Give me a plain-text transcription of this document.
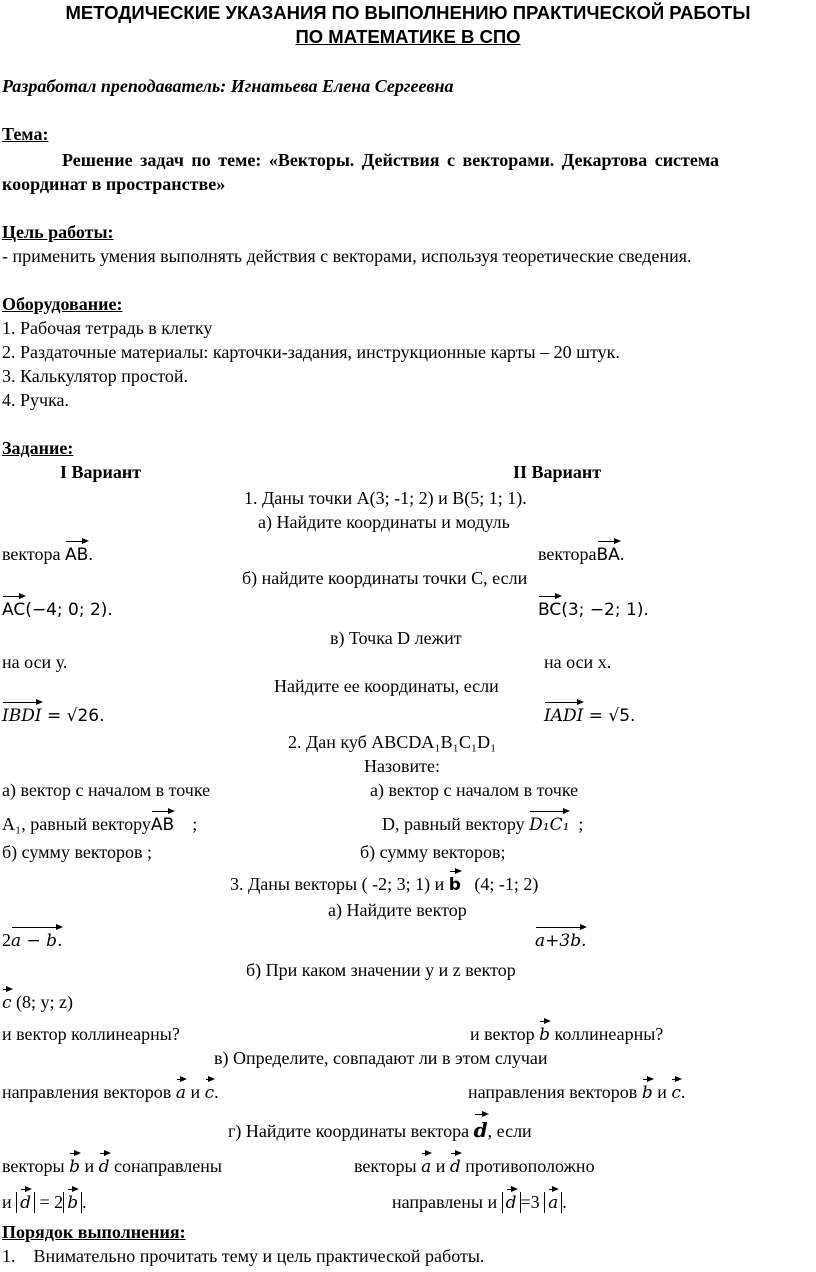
МЕТОДИЧЕСКИЕ УКАЗАНИЯ ПО ВЫПОЛНЕНИЮ ПРАКТИЧЕСКОЙ РАБОТЫ
ПО МАТЕМАТИКЕ В СПО
Разработал преподаватель: Игнатьева Елена Сергеевна
Тема:
Решение задач по теме: «Векторы. Действия с векторами. Декартова система
координат в пространстве»
Цель работы:
- применить умения выполнять действия с векторами, используя теоретические сведения.
Оборудование:
1. Рабочая тетрадь в клетку
2. Раздаточные материалы: карточки-задания, инструкционные карты – 20 штук.
3. Калькулятор простой.
4. Ручка.
Задание:
I Вариант	II Вариант
1. Даны точки А(3; -1; 2) и В(5; 1; 1).
а) Найдите координаты и модуль
вектора AB.	вектораBA.
б) найдите координаты точки С, если
AC(−4; 0; 2).	BC(3; −2; 1).
в) Точка D лежит
на оси у.	на оси х.
Найдите ее координаты, если
IBDI = √26.	IADI = √5.
2. Дан куб ABCDA₁B₁C₁D₁
Назовите:
а) вектор с началом в точке	а) вектор с началом в точке
А₁, равный векторуAB ;	D, равный вектору D₁C₁ ;
б) сумму векторов ;	б) сумму векторов;
3. Даны векторы ( -2; 3; 1) и b (4; -1; 2)
а) Найдите вектор
2a − b.	a+3b.
б) При каком значении y и z вектор
c (8; y; z)
и вектор коллинеарны?	и вектор b коллинеарны?
в) Определите, совпадают ли в этом случаи
направления векторов a и c.	направления векторов b и c.
г) Найдите координаты вектора d, если
векторы b и d сонаправлены	векторы a и d противоположно
и d = 2 b .	направлены и d =3 a .
Порядок выполнения:
1. Внимательно прочитать тему и цель практической работы.
